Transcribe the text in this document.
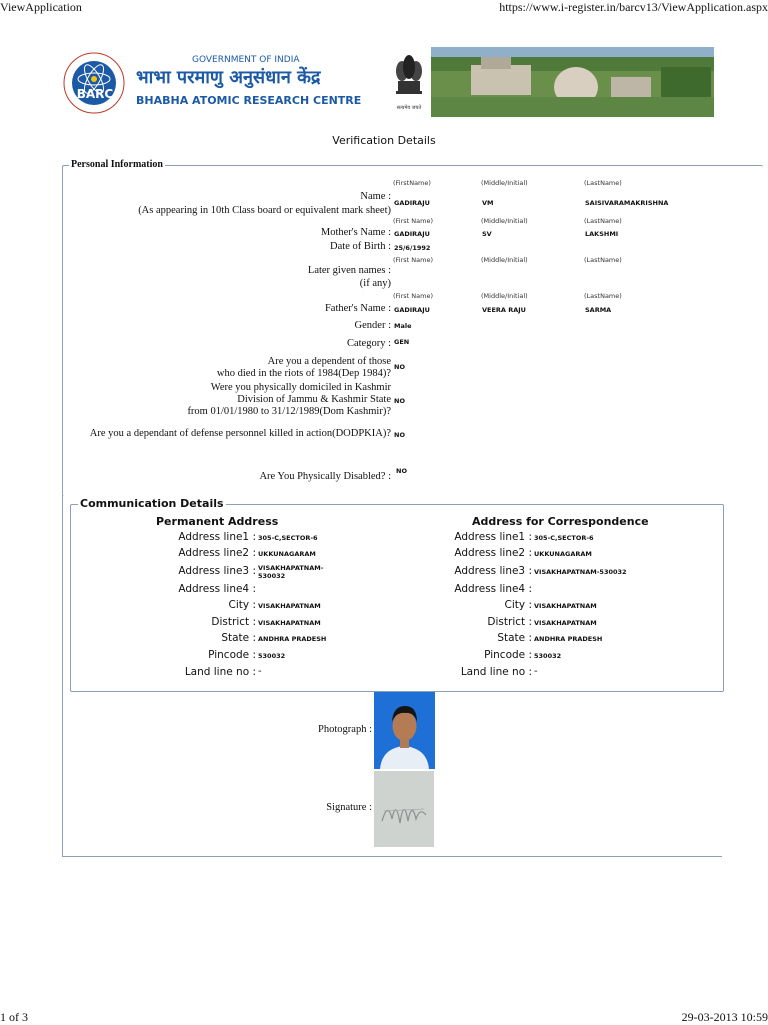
ViewApplication	https://www.i-register.in/barcv13/ViewApplication.aspx
BARC
GOVERNMENT OF INDIA
भाभा परमाणु अनुसंधान केंद्र
BHABHA ATOMIC RESEARCH CENTRE
सत्यमेव जयते
Verification Details
Personal Information
(FirstName)	(Middle/Initial)	(LastName)
Name :
(As appearing in 10th Class board or equivalent mark sheet)
GADIRAJU	VM	SAISIVARAMAKRISHNA
(First Name)	(Middle/Initial)	(LastName)
Mother's Name : GADIRAJU	SV	LAKSHMI
Date of Birth : 25/6/1992
(First Name)	(Middle/Initial)	(LastName)
Later given names :
(if any)
(First Name)	(Middle/Initial)	(LastName)
Father's Name : GADIRAJU	VEERA RAJU	SARMA
Gender : Male
Category : GEN
Are you a dependent of those
who died in the riots of 1984(Dep 1984)?
NO
Were you physically domiciled in Kashmir
Division of Jammu & Kashmir State
from 01/01/1980 to 31/12/1989(Dom Kashmir)?
NO
Are you a dependant of defense personnel killed in action(DODPKIA)? NO
Are You Physically Disabled? : NO
Communication Details
Permanent Address	Address for Correspondence
Address line1 : 305-C,SECTOR-6
Address line2 : UKKUNAGARAM
Address line3 : VISAKHAPATNAM-
530032
Address line4 :
City : VISAKHAPATNAM
District : VISAKHAPATNAM
State : ANDHRA PRADESH
Pincode : 530032
Land line no : -
Address line1 : 305-C,SECTOR-6
Address line2 : UKKUNAGARAM
Address line3 : VISAKHAPATNAM-530032
Address line4 :
City : VISAKHAPATNAM
District : VISAKHAPATNAM
State : ANDHRA PRADESH
Pincode : 530032
Land line no : -
Photograph :
Signature :
1 of 3	29-03-2013 10:59
